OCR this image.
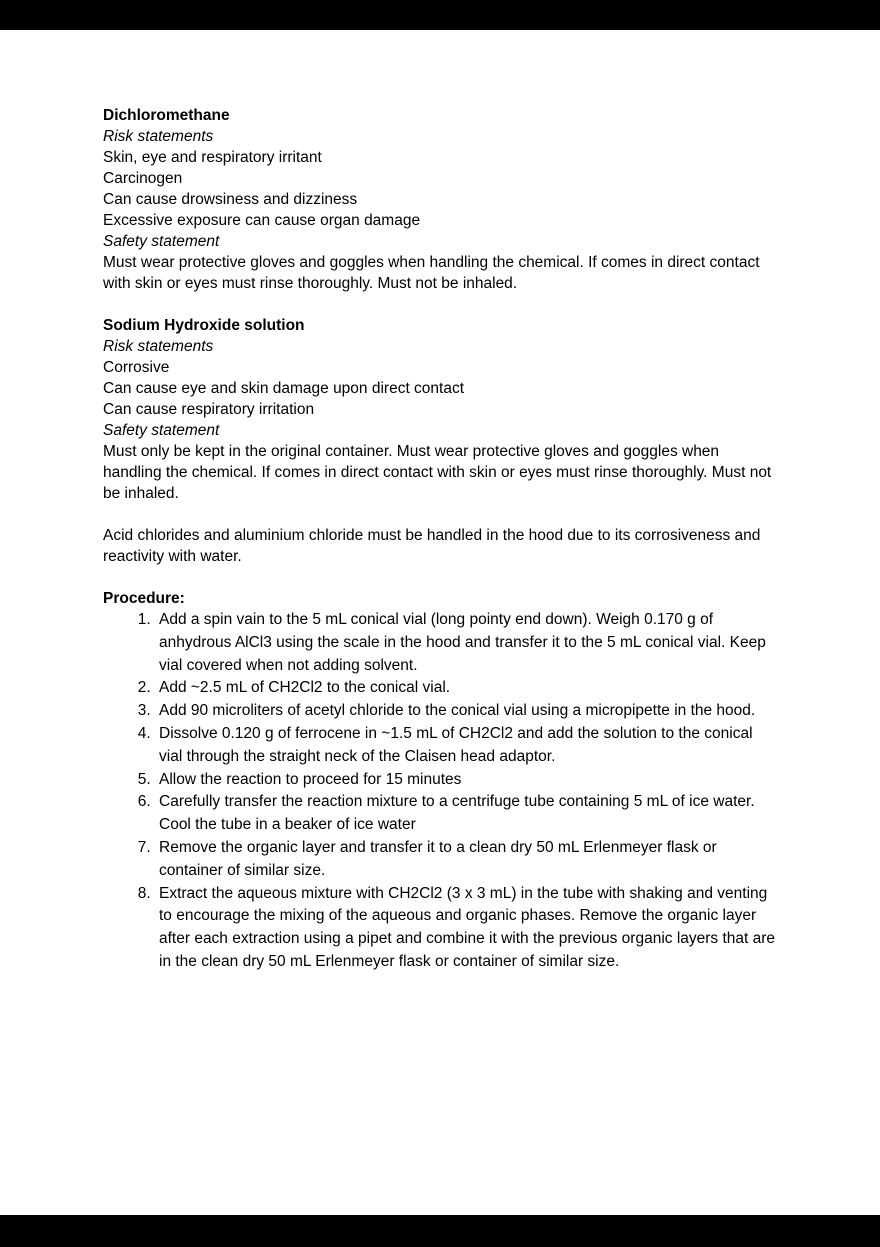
Dichloromethane

Risk statements

Skin, eye and respiratory irritant

Carcinogen

Can cause drowsiness and dizziness

Excessive exposure can cause organ damage

Safety statement

Must wear protective gloves and goggles when handling the chemical. If comes in direct contact with skin or eyes must rinse thoroughly. Must not be inhaled.

Sodium Hydroxide solution

Risk statements

Corrosive

Can cause eye and skin damage upon direct contact

Can cause respiratory irritation

Safety statement

Must only be kept in the original container. Must wear protective gloves and goggles when handling the chemical. If comes in direct contact with skin or eyes must rinse thoroughly. Must not be inhaled.

Acid chlorides and aluminium chloride must be handled in the hood due to its corrosiveness and reactivity with water.

Procedure:

1. Add a spin vain to the 5 mL conical vial (long pointy end down). Weigh 0.170 g of anhydrous AlCl3 using the scale in the hood and transfer it to the 5 mL conical vial. Keep vial covered when not adding solvent.
2. Add ~2.5 mL of CH2Cl2 to the conical vial.
3. Add 90 microliters of acetyl chloride to the conical vial using a micropipette in the hood.
4. Dissolve 0.120 g of ferrocene in ~1.5 mL of CH2Cl2 and add the solution to the conical vial through the straight neck of the Claisen head adaptor.
5. Allow the reaction to proceed for 15 minutes
6. Carefully transfer the reaction mixture to a centrifuge tube containing 5 mL of ice water. Cool the tube in a beaker of ice water
7. Remove the organic layer and transfer it to a clean dry 50 mL Erlenmeyer flask or container of similar size.
8. Extract the aqueous mixture with CH2Cl2 (3 x 3 mL) in the tube with shaking and venting to encourage the mixing of the aqueous and organic phases. Remove the organic layer after each extraction using a pipet and combine it with the previous organic layers that are in the clean dry 50 mL Erlenmeyer flask or container of similar size.
